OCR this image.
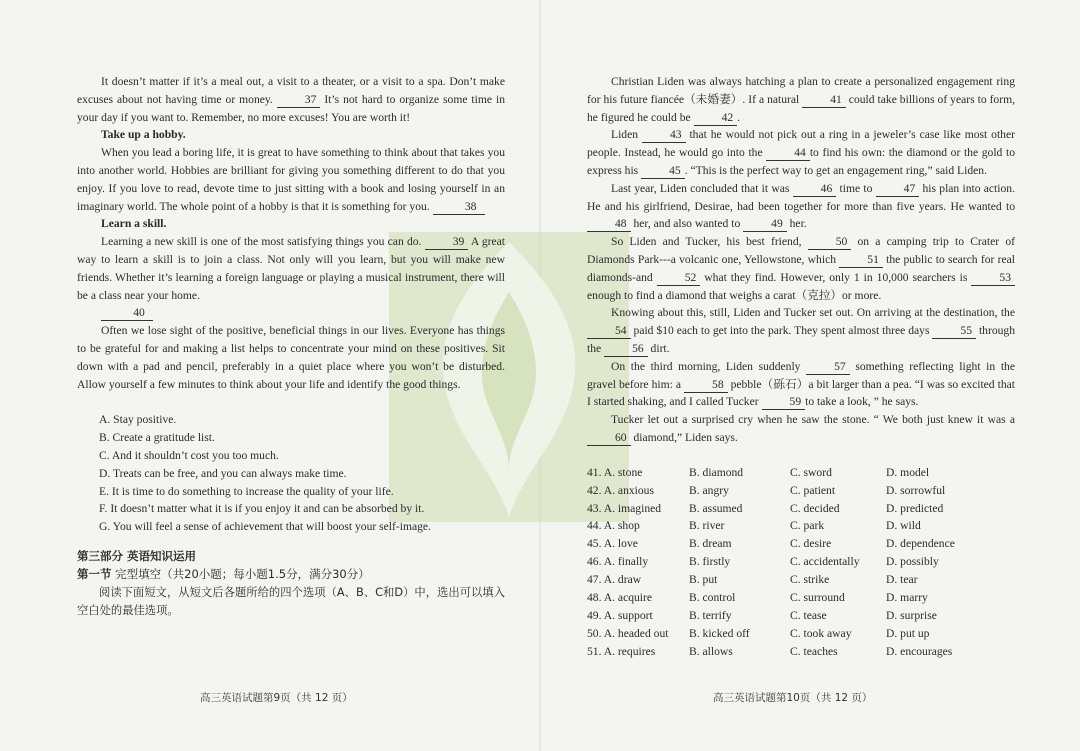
It doesn’t matter if it’s a meal out, a visit to a theater, or a visit to a spa. Don’t make excuses about not having time or money. 37 It’s not hard to organize some time in your day if you want to. Remember, no more excuses! You are worth it!

Take up a hobby.

When you lead a boring life, it is great to have something to think about that takes you into another world. Hobbies are brilliant for giving you something different to do that you enjoy. If you love to read, devote time to just sitting with a book and losing yourself in an imaginary world. The whole point of a hobby is that it is something for you.	38

Learn a skill.

Learning a new skill is one of the most satisfying things you can do. 39 A great way to learn a skill is to join a class. Not only will you learn, but you will make new friends. Whether it’s learning a foreign language or playing a musical instrument, there will be a class near your home.

40

Often we lose sight of the positive, beneficial things in our lives. Everyone has things to be grateful for and making a list helps to concentrate your mind on these positives. Sit down with a pad and pencil, preferably in a quiet place where you won’t be disturbed. Allow yourself a few minutes to think about your life and identify the good things.

A. Stay positive.
B. Create a gratitude list.
C. And it shouldn’t cost you too much.
D. Treats can be free, and you can always make time.
E. It is time to do something to increase the quality of your life.
F. It doesn’t matter what it is if you enjoy it and can be absorbed by it.
G. You will feel a sense of achievement that will boost your self-image.
第三部分 英语知识运用
第一节 完型填空（共20小题；每小题1.5分，满分30分）

阅读下面短文，从短文后各题所给的四个选项（A、B、C和D）中，选出可以填入空白处的最佳选项。

高三英语试题第9页（共 12 页）

Christian Liden was always hatching a plan to create a personalized engagement ring for his future fiancée（未婚妻）. If a natural 41 could take billions of years to form, he figured he could be 42 .

Liden 43 that he would not pick out a ring in a jeweler’s case like most other people. Instead, he would go into the 44 to find his own: the diamond or the gold to express his 45 . “This is the perfect way to get an engagement ring,” said Liden.

Last year, Liden concluded that it was 46 time to 47 his plan into action. He and his girlfriend, Desirae, had been together for more than five years. He wanted to 48 her, and also wanted to 49 her.

So Liden and Tucker, his best friend, 50 on a camping trip to Crater of Diamonds Park---a volcanic one, Yellowstone, which 51 the public to search for real diamonds-and 52 what they find. However, only 1 in 10,000 searchers is 53 enough to find a diamond that weighs a carat（克拉）or more.

Knowing about this, still, Liden and Tucker set out. On arriving at the destination, the 54 paid $10 each to get into the park. They spent almost three days 55 through the 56 dirt.

On the third morning, Liden suddenly 57 something reflecting light in the gravel before him: a 58 pebble（砾石）a bit larger than a pea. “I was so excited that I started shaking, and I called Tucker 59 to take a look, ” he says.

Tucker let out a surprised cry when he saw the stone. “ We both just knew it was a 60 diamond,” Liden says.

41. A. stone	B. diamond	C. sword	D. model
42. A. anxious	B. angry	C. patient	D. sorrowful
43. A. imagined	B. assumed	C. decided	D. predicted
44. A. shop	B. river	C. park	D. wild
45. A. love	B. dream	C. desire	D. dependence
46. A. finally	B. firstly	C. accidentally	D. possibly
47. A. draw	B. put	C. strike	D. tear
48. A. acquire	B. control	C. surround	D. marry
49. A. support	B. terrify	C. tease	D. surprise
50. A. headed out	B. kicked off	C. took away	D. put up
51. A. requires	B. allows	C. teaches	D. encourages
高三英语试题第10页（共 12 页）
